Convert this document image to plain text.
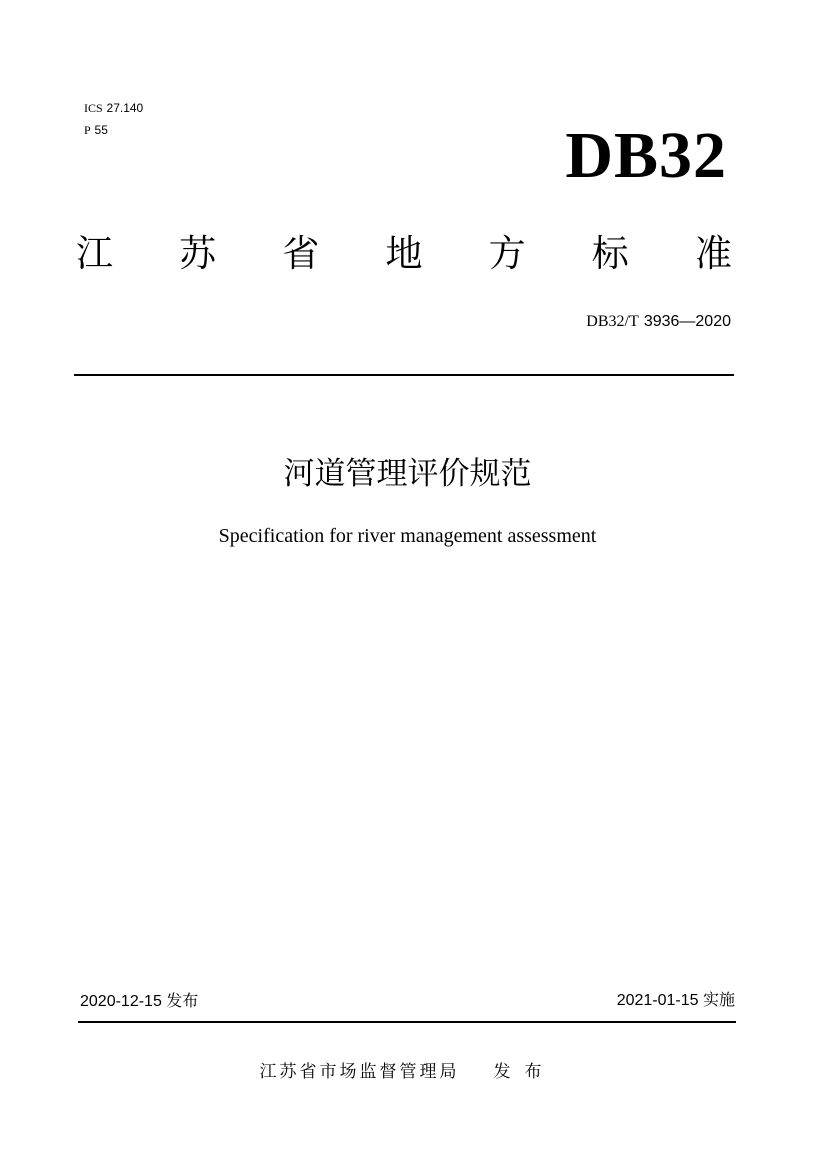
ICS 27.140
P 55	DB32
江 苏 省 地 方 标 准
DB32/T 3936—2020
河道管理评价规范
Specification for river management assessment
2020-12-15 发布	2021-01-15 实施
江苏省市场监督管理局 发布
